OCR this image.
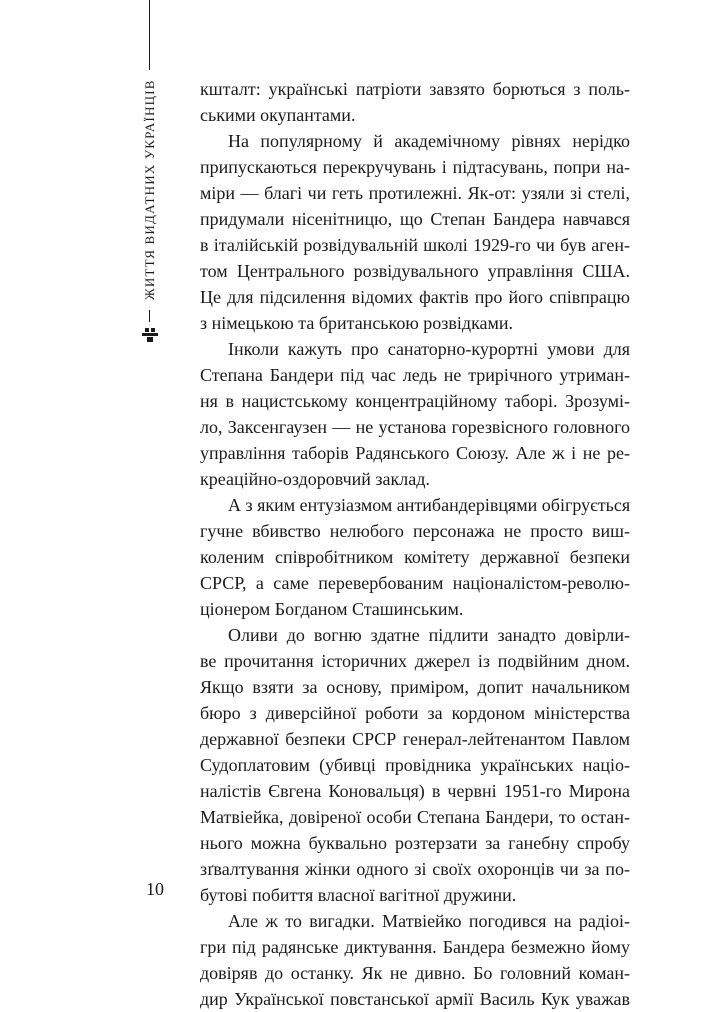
ЖИТТЯ ВИДАТНИХ УКРАЇНЦІВ	кшталт: українські патріоти завзято борються з поль-
ськими окупантами.
На популярному й академічному рівнях нерідко
припускаються перекручувань і підтасувань, попри на-
міри — благі чи геть протилежні. Як-от: узяли зі стелі,
придумали нісенітницю, що Степан Бандера навчався
в італійській розвідувальній школі 1929-го чи був аген-
том Центрального розвідувального управління США.
Це для підсилення відомих фактів про його співпрацю
з німецькою та британською розвідками.
Інколи кажуть про санаторно-курортні умови для
Степана Бандери під час ледь не трирічного утриман-
ня в нацистському концентраційному таборі. Зрозумі-
ло, Заксенгаузен — не установа горезвісного головного
управління таборів Радянського Союзу. Але ж і не ре-
креаційно-оздоровчий заклад.
А з яким ентузіазмом антибандерівцями обігрується
гучне вбивство нелюбого персонажа не просто виш-
коленим співробітником комітету державної безпеки
СРСР, а саме перевербованим націоналістом-револю-
ціонером Богданом Сташинським.
Оливи до вогню здатне підлити занадто довірли-
ве прочитання історичних джерел із подвійним дном.
Якщо взяти за основу, приміром, допит начальником
бюро з диверсійної роботи за кордоном міністерства
державної безпеки СРСР генерал-лейтенантом Павлом
Судоплатовим (убивці провідника українських націо-
налістів Євгена Коновальця) в червні 1951-го Мирона
Матвіейка, довіреної особи Степана Бандери, то остан-
нього можна буквально розтерзати за ганебну спробу
зґвалтування жінки одного зі своїх охоронців чи за по-
бутові побиття власної вагітної дружини.
Але ж то вигадки. Матвіейко погодився на радіоі-
гри під радянське диктування. Бандера безмежно йому
довіряв до останку. Як не дивно. Бо головний коман-
дир Української повстанської армії Василь Кук уважав
10
